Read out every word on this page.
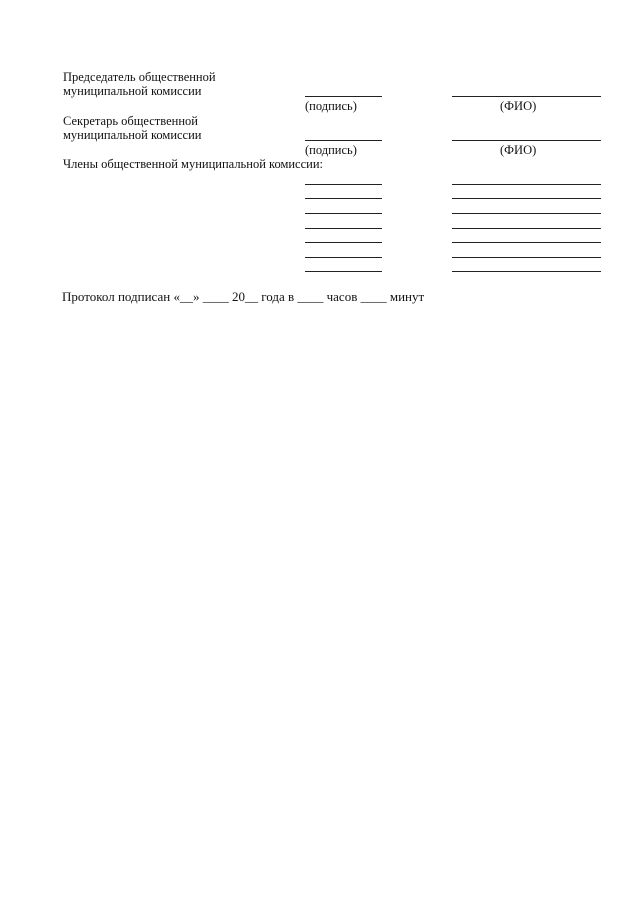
Председатель общественной
муниципальной комиссии
(подпись)	(ФИО)
Секретарь общественной
муниципальной комиссии
(подпись)	(ФИО)
Члены общественной муниципальной комиссии:
Протокол подписан «__» ____ 20__ года в ____ часов ____ минут
